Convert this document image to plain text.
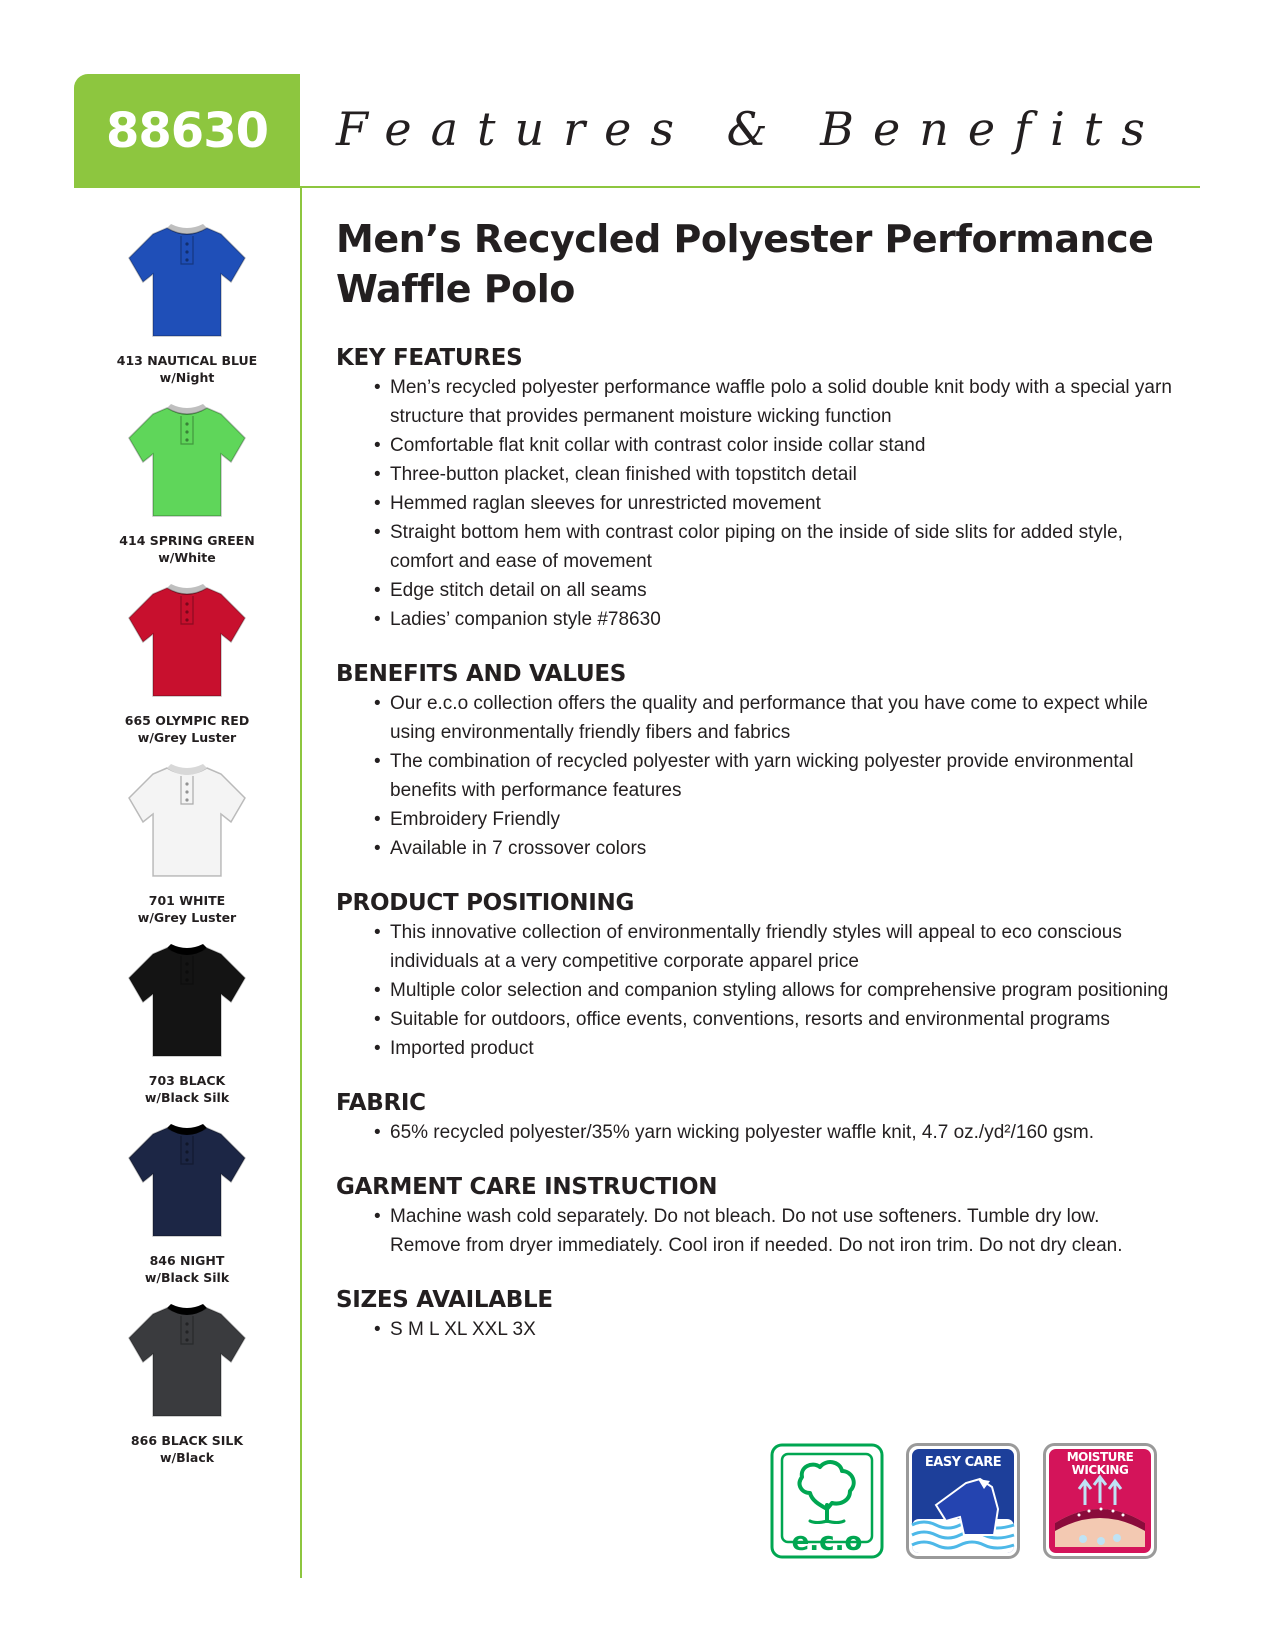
88630	Features & Benefits
413 NAUTICAL BLUE
w/Night
414 SPRING GREEN
w/White
665 OLYMPIC RED
w/Grey Luster
701 WHITE
w/Grey Luster
703 BLACK
w/Black Silk
846 NIGHT
w/Black Silk
866 BLACK SILK
w/Black
Men’s Recycled Polyester Performance Waffle Polo
KEY FEATURES
• Men’s recycled polyester performance waffle polo a solid double knit body with a special yarn structure that provides permanent moisture wicking function
• Comfortable flat knit collar with contrast color inside collar stand
• Three-button placket, clean finished with topstitch detail
• Hemmed raglan sleeves for unrestricted movement
• Straight bottom hem with contrast color piping on the inside of side slits for added style, comfort and ease of movement
• Edge stitch detail on all seams
• Ladies’ companion style #78630
BENEFITS AND VALUES
• Our e.c.o collection offers the quality and performance that you have come to expect while using environmentally friendly fibers and fabrics
• The combination of recycled polyester with yarn wicking polyester provide environmental benefits with performance features
• Embroidery Friendly
• Available in 7 crossover colors
PRODUCT POSITIONING
• This innovative collection of environmentally friendly styles will appeal to eco conscious individuals at a very competitive corporate apparel price
• Multiple color selection and companion styling allows for comprehensive program positioning
• Suitable for outdoors, office events, conventions, resorts and environmental programs
• Imported product
FABRIC
• 65% recycled polyester/35% yarn wicking polyester waffle knit, 4.7 oz./yd²/160 gsm.
GARMENT CARE INSTRUCTION
• Machine wash cold separately. Do not bleach. Do not use softeners. Tumble dry low. Remove from dryer immediately. Cool iron if needed. Do not iron trim. Do not dry clean.
SIZES AVAILABLE
• S M L XL XXL 3X
e.c.o
EASY CARE	MOISTURE WICKING
